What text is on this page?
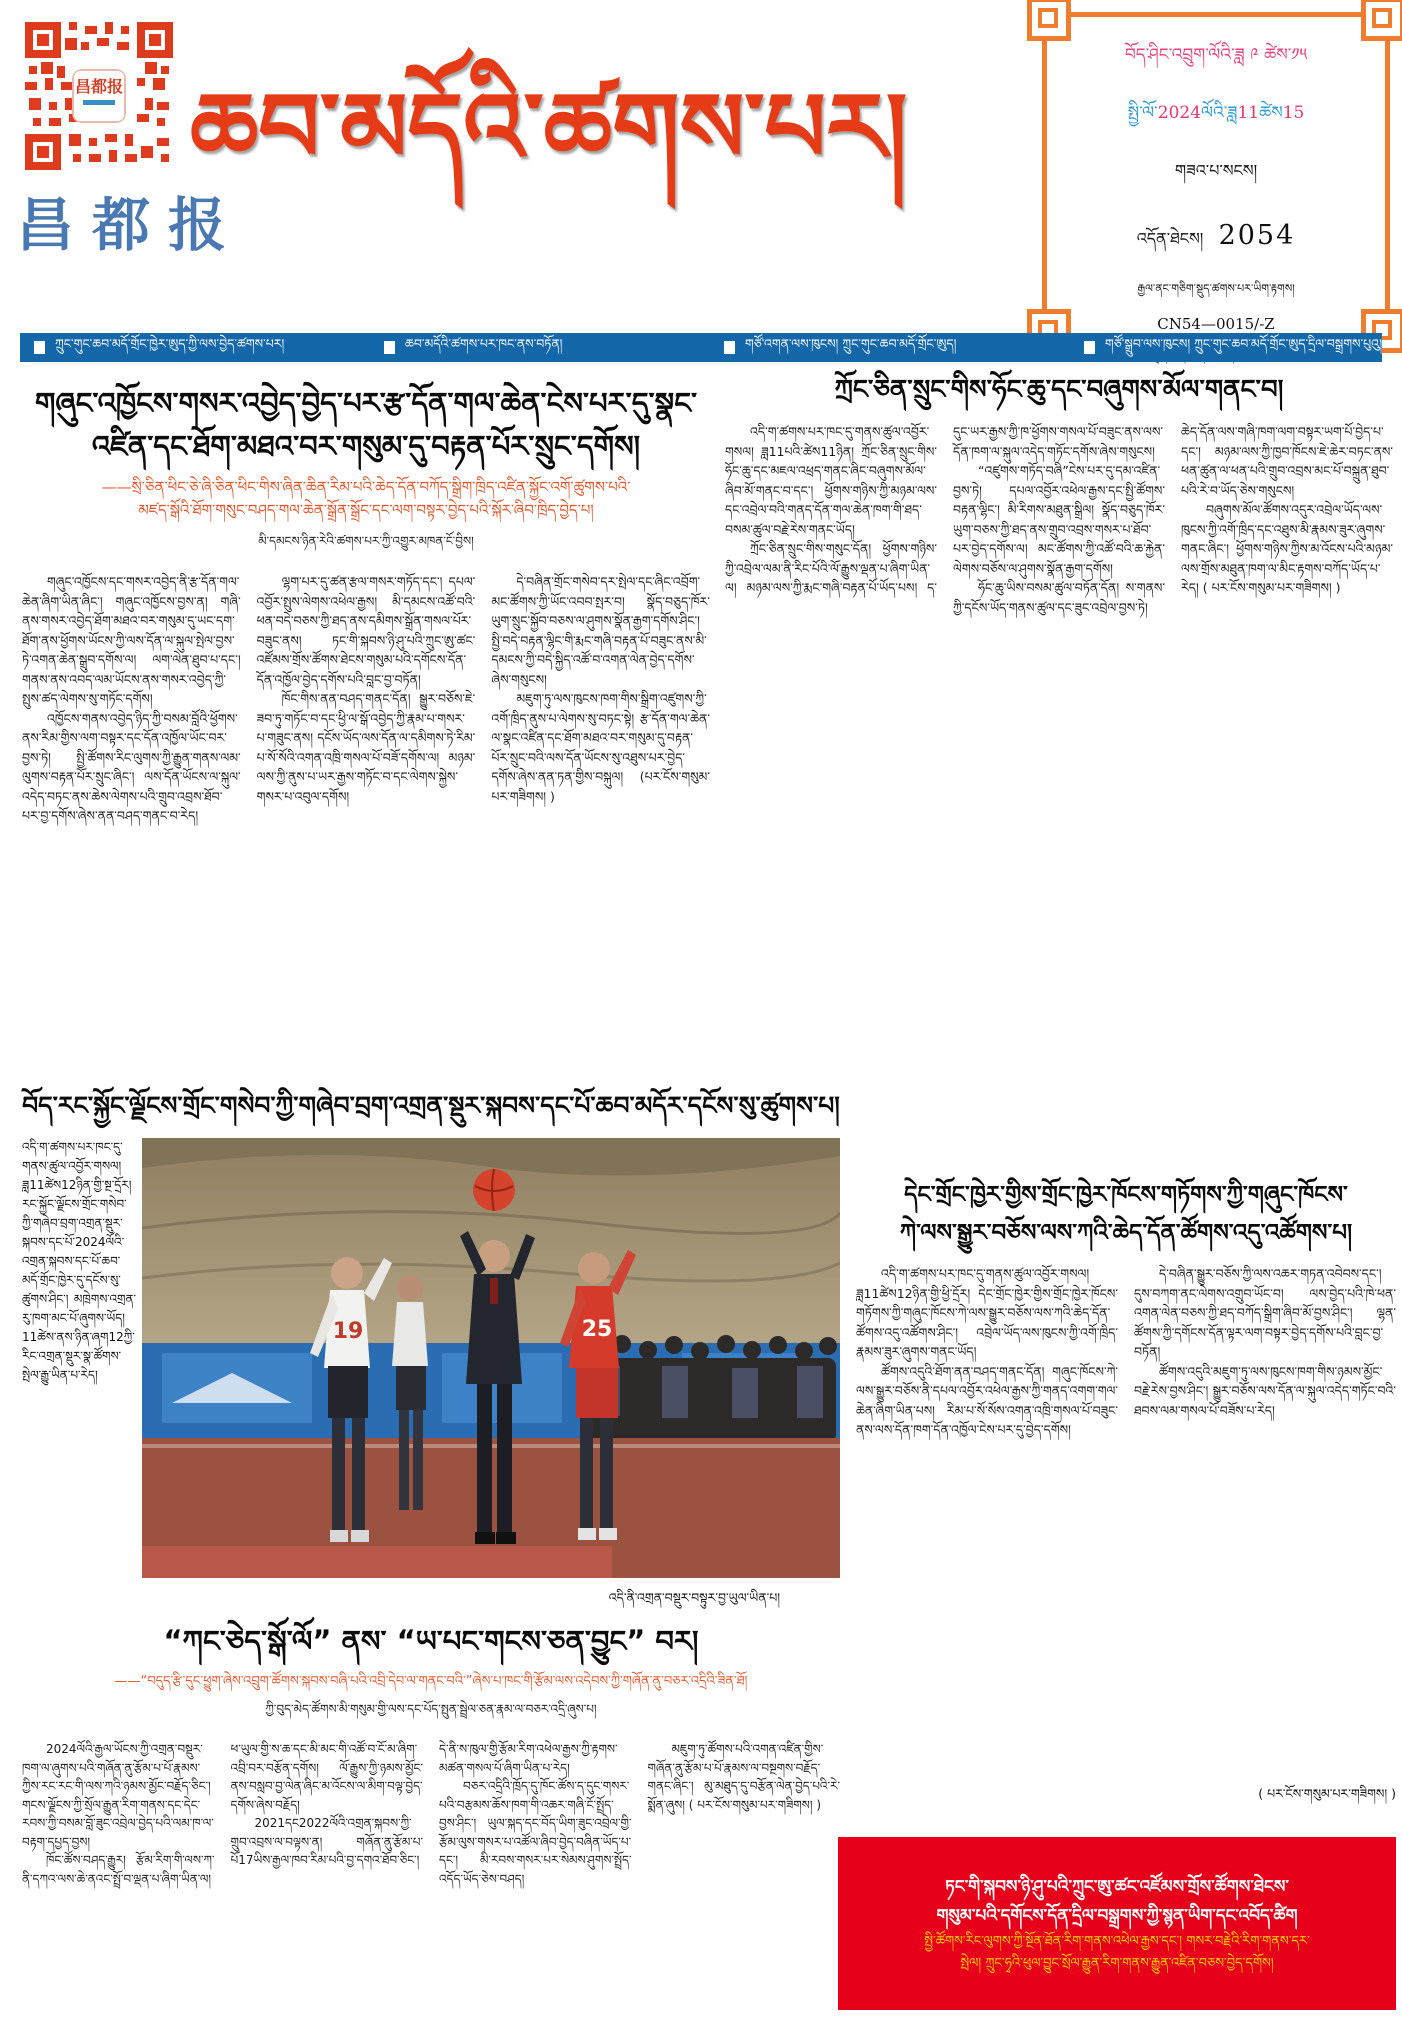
昌都报
昌都报
ཆབ་མདོའི་ཚགས་པར།
བོད་ཤིང་འབྲུག་ལོའི་ཟླ ༩ ཚེས་༡༥
སྤྱི་ལོ་2024ལོའི་ཟླ11ཚེས15
གཟའ་པ་སངས།
འདོན་ཐེངས། 2054
རྒྱལ་ནང་གཅིག་སྡུད་ཚགས་པར་ཡིག་རྟགས།
CN54—0015/-Z
ཀྲུང་གུང་ཆབ་མདོ་གྲོང་ཁྱེར་ཨུད་ཀྱི་ལས་བྱེད་ཚགས་པར།	ཆབ་མདོའི་ཚགས་པར་ཁང་ནས་བཏོན།	གཙོ་འགན་ལས་ཁུངས། ཀྲུང་གུང་ཆབ་མདོ་གྲོང་ཨུད།	གཙོ་སྒྲུབ་ལས་ཁུངས། ཀྲུང་གུང་ཆབ་མདོ་གྲོང་ཨུད་དྲིལ་བསྒྲགས་པུའུ།
གཞུང་འཁྱོངས་གསར་འབྱེད་བྱེད་པར་རྩ་དོན་གལ་ཆེན་ངེས་པར་དུ་སྣང་
འཛིན་དང་ཐོག་མཐའ་བར་གསུམ་དུ་བརྟན་པོར་སྲུང་དགོས།
——སྲི་ཅིན་ཕིང་ཅེ་ཞི་ཅིན་ཕིང་གིས་ཞིན་ཆིན་རིམ་པའི་ཆེད་དོན་བཀོད་སྒྲིག་ཁྲིད་འཛིན་སྐྱོང་འགོ་ཚུགས་པའི་
མཛད་སྒོའི་ཐོག་གསུང་བཤད་གལ་ཆེན་སྒྲོན་སྒྲོང་དང་ལག་བསྟར་བྱེད་པའི་སྐོར་ཞིབ་ཁྲིད་བྱེད་པ།
མི་དམངས་ཉིན་རེའི་ཚགས་པར་ཀྱི་འགྱུར་མཁན་ངོ་བྱིས།

གཞུང་འཁྱོངས་དང་གསར་འབྱེད་ནི་རྩ་དོན་གལ་ཆེན་ཞིག་ཡིན་ཞིང་། གཞུང་འཁྱོངས་བྱས་ན། གཞི་ནས་གསར་འབྱེད་ཐོག་མཐའ་བར་གསུམ་དུ་ཡང་དག་ཐོག་ནས་ཕྱོགས་ཡོངས་ཀྱི་ལས་དོན་ལ་སྐུལ་སྤེལ་བྱས་ཏེ་འགན་ཆེན་སྒྲུབ་དགོས་ལ། ལག་ལེན་ཐུབ་པ་དང་། གནས་ནས་འབད་ལམ་ཡོངས་ནས་གསར་འབྱེད་ཀྱི་སྤུས་ཚད་ལེགས་སུ་གཏོང་དགོས།

འཁྱོངས་གནས་འབྱེད་ཉིད་ཀྱི་བསམ་བློའི་ཕྱོགས་ནས་རིམ་གྱིས་ལག་བསྟར་དང་དོན་འཁྱོལ་ཡོང་བར་བྱས་ཏེ། སྤྱི་ཚོགས་རིང་ལུགས་ཀྱི་རྒྱུན་གནས་ལམ་ལུགས་བརྟན་པོར་སྲུང་ཞིང་། ལས་དོན་ཡོངས་ལ་སྐུལ་འདེད་བཏང་ནས་ཆེས་ལེགས་པའི་གྲུབ་འབྲས་ཐོབ་པར་བྱ་དགོས་ཞེས་ནན་བཤད་གནང་བ་རེད།

ལྷག་པར་དུ་ཚན་རྩལ་གསར་གཏོད་དང་། དཔལ་འབྱོར་སྤུས་ལེགས་འཕེལ་རྒྱས། མི་དམངས་འཚོ་བའི་ཕན་བདེ་བཅས་ཀྱི་ཐད་ནས་དམིགས་སྒྲོན་གསལ་པོར་བཟུང་ནས། ཏང་གི་སྐབས་ཉི་ཤུ་པའི་ཀྲུང་ཨུ་ཚང་འཛོམས་གྲོས་ཚོགས་ཐེངས་གསུམ་པའི་དགོངས་དོན་དོན་འཁྱོལ་བྱེད་དགོས་པའི་བླང་བྱ་བཏོན།

ཁོང་གིས་ནན་བཤད་གནང་དོན། སྒྱུར་བཅོས་ཇེ་ཟབ་ཏུ་གཏོང་བ་དང་ཕྱི་ལ་སྒོ་འབྱེད་ཀྱི་རྣམ་པ་གསར་པ་གཟུང་ནས། དངོས་ཡོད་ལས་དོན་ལ་དམིགས་ཏེ་རིམ་པ་སོ་སོའི་འགན་འཁྲི་གསལ་པོ་བཟོ་དགོས་ལ། མཉམ་ལས་ཀྱི་ནུས་པ་ཡར་རྒྱས་གཏོང་བ་དང་ལེགས་སྐྱེས་གསར་པ་འབུལ་དགོས།

དེ་བཞིན་གྲོང་གསེབ་དར་སྤེལ་དང་ཞིང་འབྲོག་མང་ཚོགས་ཀྱི་ཡོང་འབབ་སྤར་བ། སྣོད་བཅུད་ཁོར་ཡུག་སྲུང་སྐྱོབ་བཅས་ལ་ཤུགས་སྣོན་རྒྱག་དགོས་ཤིང་། སྤྱི་བདེ་བརྟན་ལྷིང་གི་རྨང་གཞི་བརྟན་པོ་བཟུང་ནས་མི་དམངས་ཀྱི་བདེ་སྐྱིད་འཚོ་བ་འགན་ལེན་བྱེད་དགོས་ཞེས་གསུངས།

མཇུག་ཏུ་ལས་ཁུངས་ཁག་གིས་སྒྲིག་འཛུགས་ཀྱི་འགོ་ཁྲིད་ནུས་པ་ལེགས་སུ་བཏང་སྟེ། རྩ་དོན་གལ་ཆེན་ལ་སྣང་འཛིན་དང་ཐོག་མཐའ་བར་གསུམ་དུ་བརྟན་པོར་སྲུང་བའི་ལས་དོན་ཡོངས་སུ་འཐུས་པར་བྱེད་དགོས་ཞེས་ནན་ཏན་གྱིས་བསྐུལ། (པར་ངོས་གསུམ་པར་གཟིགས། )

ཀྲོང་ཅིན་སྲུང་གིས་ཧོང་ཆུ་དང་བཞུགས་མོལ་གནང་བ།

འདི་ག་ཚགས་པར་ཁང་དུ་གནས་ཚུལ་འབྱོར་གསལ། ཟླ11པའི་ཚེས11ཉིན། ཀྲོང་ཅིན་སྲུང་གིས་ཧོང་ཆུ་དང་མཇལ་འཕྲད་གནང་ཞིང་བཞུགས་མོལ་ཞིབ་མོ་གནང་བ་དང་། ཕྱོགས་གཉིས་ཀྱི་མཉམ་ལས་དང་འབྲེལ་བའི་གནད་དོན་གལ་ཆེན་ཁག་གི་ཐད་བསམ་ཚུལ་བརྗེ་རེས་གནང་ཡོད།

ཀྲོང་ཅིན་སྲུང་གིས་གསུང་དོན། ཕྱོགས་གཉིས་ཀྱི་འབྲེལ་ལམ་ནི་རིང་པོའི་ལོ་རྒྱུས་ལྡན་པ་ཞིག་ཡིན་ལ། མཉམ་ལས་ཀྱི་རྨང་གཞི་བརྟན་པོ་ཡོད་པས། ད་དུང་ཡར་རྒྱས་ཀྱི་ཁ་ཕྱོགས་གསལ་པོ་བཟུང་ནས་ལས་དོན་ཁག་ལ་སྐུལ་འདེད་གཏོང་དགོས་ཞེས་གསུངས།

“འཛུགས་གཏོད་བཞི”ངེས་པར་དུ་དམ་འཛིན་བྱས་ཏེ། དཔལ་འབྱོར་འཕེལ་རྒྱས་དང་སྤྱི་ཚོགས་བརྟན་ལྷིང་། མི་རིགས་མཐུན་སྒྲིལ། སྣོད་བཅུད་ཁོར་ཡུག་བཅས་ཀྱི་ཐད་ནས་གྲུབ་འབྲས་གསར་པ་ཐོབ་པར་བྱེད་དགོས་ལ། མང་ཚོགས་ཀྱི་འཚོ་བའི་ཆ་རྐྱེན་ལེགས་བཅོས་ལ་ཤུགས་སྣོན་རྒྱག་དགོས།

ཧོང་ཆུ་ཡིས་བསམ་ཚུལ་བཏོན་དོན། ས་གནས་ཀྱི་དངོས་ཡོད་གནས་ཚུལ་དང་ཟུང་འབྲེལ་བྱས་ཏེ། ཆེད་དོན་ལས་གཞི་ཁག་ལག་བསྟར་ཡག་པོ་བྱེད་པ་དང་། མཉམ་ལས་ཀྱི་ཁྱབ་ཁོངས་ཇེ་ཆེར་བཏང་ནས་ཕན་ཚུན་ལ་ཕན་པའི་གྲུབ་འབྲས་མང་པོ་བསྐྲུན་ཐུབ་པའི་རེ་བ་ཡོད་ཅེས་གསུངས།

བཞུགས་མོལ་ཚོགས་འདུར་འབྲེལ་ཡོད་ལས་ཁུངས་ཀྱི་འགོ་ཁྲིད་དང་འཐུས་མི་རྣམས་ཟུར་ཞུགས་གནང་ཞིང་། ཕྱོགས་གཉིས་ཀྱིས་མ་འོངས་པའི་མཉམ་ལས་གྲོས་མཐུན་ཁག་ལ་མིང་རྟགས་བཀོད་ཡོད་པ་རེད། ( པར་ངོས་གསུམ་པར་གཟིགས། )

བོད་རང་སྐྱོང་ལྗོངས་གྲོང་གསེབ་ཀྱི་གཞེབ་བྲག་འགྲན་སྡུར་སྐབས་དང་པོ་ཆབ་མདོར་དངོས་སུ་ཚུགས་པ།
འདི་ག་ཚགས་པར་ཁང་དུ་གནས་ཚུལ་འབྱོར་གསལ། ཟླ11ཚེས12ཉིན་གྱི་སྔ་དྲོར། རང་སྐྱོང་ལྗོངས་གྲོང་གསེབ་ཀྱི་གཞེབ་བྲག་འགྲན་སྡུར་སྐབས་དང་པོ་2024ལོའི་འགྲན་སྐབས་དང་པོ་ཆབ་མདོ་གྲོང་ཁྱེར་དུ་དངོས་སུ་ཚུགས་ཤིང་། མཁྲེགས་འགྲན་རུ་ཁག་མང་པོ་ཞུགས་ཡོད། 11ཚེས་ནས་ཉིན་ཞག12ཀྱི་རིང་འགྲན་སྡུར་སྣ་ཚོགས་སྤེལ་རྒྱུ་ཡིན་པ་རེད།
19	25
འདི་ནི་འགྲན་བསྡུར་བསྟུར་བྱ་ཡུལ་ཡིན་པ།
“ཀང་ཅེད་སྒོ་ལོ” ནས་ “ཡ་པང་གངས་ཅན་བྱུང” བར།
——“བདུད་རྩི་དུང་ཕྱུག་ཞེས་འབྲུག་ཚོགས་སྐབས་བཞི་པའི་འབྲི་དེབ་ལ་གནང་བའི་”ཞེས་པ་ཁང་གི་རྩོམ་ལས་འདེབས་ཀྱི་གཞོན་ནུ་བཅར་འདྲིའི་ཟིན་ཐོ།
ཀྱི་བུད་མེད་ཚོགས་མི་གསུམ་གྱི་ལས་དང་པོད་སྤུན་སྦྲེལ་ཅན་རྣམ་ལ་བཅར་འདྲི་ཞུས་པ།

2024ལོའི་རྒྱལ་ཡོངས་ཀྱི་འགྲན་བསྡུར་ཁག་ལ་ཞུགས་པའི་གཞོན་ནུ་རྩོམ་པ་པོ་རྣམས་ཀྱིས་རང་རང་གི་ལས་ཀའི་ཉམས་མྱོང་བརྗོད་ཅིང་། གངས་ལྗོངས་ཀྱི་སྲོལ་རྒྱུན་རིག་གནས་དང་དེང་རབས་ཀྱི་བསམ་བློ་ཟུང་འབྲེལ་བྱེད་པའི་ལམ་ཁ་ལ་བརྟག་དཔྱད་བྱས།

ཁོང་ཚོས་བཤད་རྒྱུར། རྩོམ་རིག་གི་ལས་ཀ་ནི་དཀའ་ལས་ཆེ་ནའང་སྤྲོ་བ་ལྡན་པ་ཞིག་ཡིན་ལ། ཕ་ཡུལ་གྱི་ས་ཆ་དང་མི་མང་གི་འཚོ་བ་ངོ་མ་ཞིག་འབྲི་བར་བརྩོན་དགོས། ལོ་རྒྱུས་ཀྱི་ཉམས་མྱོང་ནས་བསླབ་བྱ་ལེན་ཞིང་མ་འོངས་ལ་མིག་བལྟ་བྱེད་དགོས་ཞེས་བརྗོད།

2021དང2022ལོའི་འགྲན་སྐབས་ཀྱི་གྲུབ་འབྲས་ལ་བལྟས་ན། གཞོན་ནུ་རྩོམ་པ་པོ17ཡིས་རྒྱལ་ཁབ་རིམ་པའི་བྱ་དགའ་ཐོབ་ཅིང་། དེ་ནི་ས་ཁུལ་གྱི་རྩོམ་རིག་འཕེལ་རྒྱས་ཀྱི་རྟགས་མཚན་གསལ་པོ་ཞིག་ཡིན་པ་རེད།

བཅར་འདྲིའི་ཁྲོད་དུ་ཁོང་ཚོས་ད་དུང་གསར་པའི་བརྩམས་ཆོས་ཁག་གི་འཆར་གཞི་ངོ་སྤྲོད་བྱས་ཤིང་། ཡུལ་སྐད་དང་བོད་ཡིག་ཟུང་འབྲེལ་གྱི་རྩོམ་ལུས་གསར་པ་འཚོལ་ཞིབ་བྱེད་བཞིན་ཡོད་པ་དང་། མི་རབས་གསར་པར་སེམས་ཤུགས་སྤྲོད་འདོད་ཡོད་ཅེས་བཤད།

མཇུག་ཏུ་ཚོགས་པའི་འགན་འཛིན་གྱིས་གཞོན་ནུ་རྩོམ་པ་པོ་རྣམས་ལ་བསྔགས་བརྗོད་གནང་ཞིང་། མུ་མཐུད་དུ་བརྩོན་ལེན་བྱེད་པའི་རེ་སྨོན་ཞུས། ( པར་ངོས་གསུམ་པར་གཟིགས། )

དེང་གྲོང་ཁྱེར་གྱིས་གྲོང་ཁྱེར་ཁོངས་གཏོགས་ཀྱི་གཞུང་ཁོངས་
ཀེ་ལས་སྒྱུར་བཅོས་ལས་ཀའི་ཆེད་དོན་ཚོགས་འདུ་འཚོགས་པ།

འདི་ག་ཚགས་པར་ཁང་དུ་གནས་ཚུལ་འབྱོར་གསལ། ཟླ11ཚེས12ཉིན་གྱི་ཕྱི་དྲོར། དེང་གྲོང་ཁྱེར་གྱིས་གྲོང་ཁྱེར་ཁོངས་གཏོགས་ཀྱི་གཞུང་ཁོངས་ཀེ་ལས་སྒྱུར་བཅོས་ལས་ཀའི་ཆེད་དོན་ཚོགས་འདུ་འཚོགས་ཤིང་། འབྲེལ་ཡོད་ལས་ཁུངས་ཀྱི་འགོ་ཁྲིད་རྣམས་ཟུར་ཞུགས་གནང་ཡོད།

ཚོགས་འདུའི་ཐོག་ནན་བཤད་གནང་དོན། གཞུང་ཁོངས་ཀེ་ལས་སྒྱུར་བཅོས་ནི་དཔལ་འབྱོར་འཕེལ་རྒྱས་ཀྱི་གནད་འགག་གལ་ཆེན་ཞིག་ཡིན་པས། རིམ་པ་སོ་སོས་འགན་འཁྲི་གསལ་པོ་བཟུང་ནས་ལས་དོན་ཁག་དོན་འཁྱོལ་ངེས་པར་དུ་བྱེད་དགོས།

དེ་བཞིན་སྒྱུར་བཅོས་ཀྱི་ལས་འཆར་གཏན་འབེབས་དང་། དུས་བཀག་ནང་ལེགས་འགྲུབ་ཡོང་བ། ལས་བྱེད་པའི་ཁེ་ཕན་འགན་ལེན་བཅས་ཀྱི་ཐད་བཀོད་སྒྲིག་ཞིབ་མོ་བྱས་ཤིང་། ལྷན་ཚོགས་ཀྱི་དགོངས་དོན་ལྟར་ལག་བསྟར་བྱེད་དགོས་པའི་བླང་བྱ་བཏོན།

ཚོགས་འདུའི་མཇུག་ཏུ་ལས་ཁུངས་ཁག་གིས་ཉམས་མྱོང་བརྗེ་རེས་བྱས་ཤིང་། སྒྱུར་བཅོས་ལས་དོན་ལ་སྐུལ་འདེད་གཏོང་བའི་ཐབས་ལམ་གསལ་པོ་བཟོས་པ་རེད།

( པར་ངོས་གསུམ་པར་གཟིགས། )
ཏང་གི་སྐབས་ཉི་ཤུ་པའི་ཀྲུང་ཨུ་ཚང་འཛོམས་གྲོས་ཚོགས་ཐེངས་
གསུམ་པའི་དགོངས་དོན་དྲིལ་བསྒྲགས་ཀྱི་སྙན་ཡིག་དང་འབོད་ཚིག
སྤྱི་ཚོགས་རིང་ལུགས་ཀྱི་སྔོན་ཐོན་རིག་གནས་འཕེལ་རྒྱས་དང་། གསར་བརྗེའི་རིག་གནས་དར་
སྤེལ། ཀྲུང་ཧྭའི་ཕུལ་བྱུང་སྲོལ་རྒྱུན་རིག་གནས་རྒྱུན་འཛིན་བཅས་བྱེད་དགོས།
